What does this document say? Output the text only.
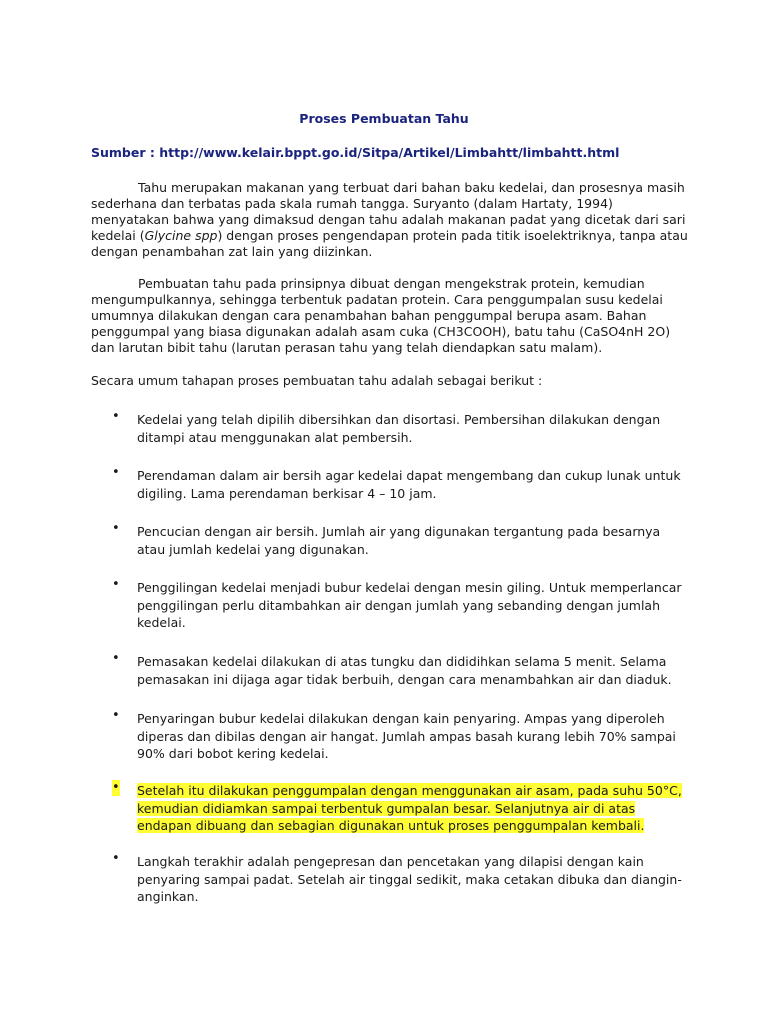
Proses Pembuatan Tahu
Sumber : http://www.kelair.bppt.go.id/Sitpa/Artikel/Limbahtt/limbahtt.html

Tahu merupakan makanan yang terbuat dari bahan baku kedelai, dan prosesnya masih sederhana dan terbatas pada skala rumah tangga. Suryanto (dalam Hartaty, 1994) menyatakan bahwa yang dimaksud dengan tahu adalah makanan padat yang dicetak dari sari kedelai (Glycine spp) dengan proses pengendapan protein pada titik isoelektriknya, tanpa atau dengan penambahan zat lain yang diizinkan.

Pembuatan tahu pada prinsipnya dibuat dengan mengekstrak protein, kemudian mengumpulkannya, sehingga terbentuk padatan protein. Cara penggumpalan susu kedelai umumnya dilakukan dengan cara penambahan bahan penggumpal berupa asam. Bahan penggumpal yang biasa digunakan adalah asam cuka (CH3COOH), batu tahu (CaSO4nH 2O) dan larutan bibit tahu (larutan perasan tahu yang telah diendapkan satu malam).

Secara umum tahapan proses pembuatan tahu adalah sebagai berikut :

• Kedelai yang telah dipilih dibersihkan dan disortasi. Pembersihan dilakukan dengan ditampi atau menggunakan alat pembersih.
• Perendaman dalam air bersih agar kedelai dapat mengembang dan cukup lunak untuk digiling. Lama perendaman berkisar 4 – 10 jam.
• Pencucian dengan air bersih. Jumlah air yang digunakan tergantung pada besarnya atau jumlah kedelai yang digunakan.
• Penggilingan kedelai menjadi bubur kedelai dengan mesin giling. Untuk memperlancar penggilingan perlu ditambahkan air dengan jumlah yang sebanding dengan jumlah kedelai.
• Pemasakan kedelai dilakukan di atas tungku dan dididihkan selama 5 menit. Selama pemasakan ini dijaga agar tidak berbuih, dengan cara menambahkan air dan diaduk.
• Penyaringan bubur kedelai dilakukan dengan kain penyaring. Ampas yang diperoleh diperas dan dibilas dengan air hangat. Jumlah ampas basah kurang lebih 70% sampai 90% dari bobot kering kedelai.
• Setelah itu dilakukan penggumpalan dengan menggunakan air asam, pada suhu 50°C, kemudian didiamkan sampai terbentuk gumpalan besar. Selanjutnya air di atas endapan dibuang dan sebagian digunakan untuk proses penggumpalan kembali.
• Langkah terakhir adalah pengepresan dan pencetakan yang dilapisi dengan kain penyaring sampai padat. Setelah air tinggal sedikit, maka cetakan dibuka dan diangin-anginkan.
